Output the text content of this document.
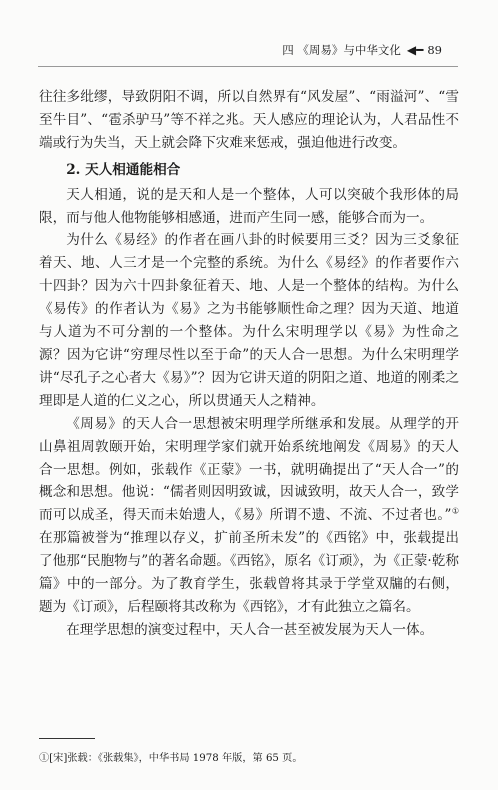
四 《周易》与中华文化 ◀━ 89

往往多纰缪，导致阴阳不调，所以自然界有“风发屋”、“雨溢河”、“雪至牛目”、“雹杀驴马”等不祥之兆。天人感应的理论认为，人君品性不端或行为失当，天上就会降下灾难来惩戒，强迫他进行改变。

2. 天人相通能相合

天人相通，说的是天和人是一个整体，人可以突破个我形体的局限，而与他人他物能够相感通，进而产生同一感，能够合而为一。

为什么《易经》的作者在画八卦的时候要用三爻？因为三爻象征着天、地、人三才是一个完整的系统。为什么《易经》的作者要作六十四卦？因为六十四卦象征着天、地、人是一个整体的结构。为什么《易传》的作者认为《易》之为书能够顺性命之理？因为天道、地道与人道为不可分割的一个整体。为什么宋明理学以《易》为性命之源？因为它讲“穷理尽性以至于命”的天人合一思想。为什么宋明理学讲“尽孔子之心者大《易》”？因为它讲天道的阴阳之道、地道的刚柔之理即是人道的仁义之心，所以贯通天人之精神。

《周易》的天人合一思想被宋明理学所继承和发展。从理学的开山鼻祖周敦颐开始，宋明理学家们就开始系统地阐发《周易》的天人合一思想。例如，张载作《正蒙》一书，就明确提出了“天人合一”的概念和思想。他说：“儒者则因明致诚，因诚致明，故天人合一，致学而可以成圣，得天而未始遗人，《易》所谓不遗、不流、不过者也。”①在那篇被誉为“推理以存义，扩前圣所未发”的《西铭》中，张载提出了他那“民胞物与”的著名命题。《西铭》，原名《订顽》，为《正蒙·乾称篇》中的一部分。为了教育学生，张载曾将其录于学堂双牖的右侧，题为《订顽》，后程颐将其改称为《西铭》，才有此独立之篇名。

在理学思想的演变过程中，天人合一甚至被发展为天人一体。

①[宋]张载：《张载集》，中华书局 1978 年版，第 65 页。
